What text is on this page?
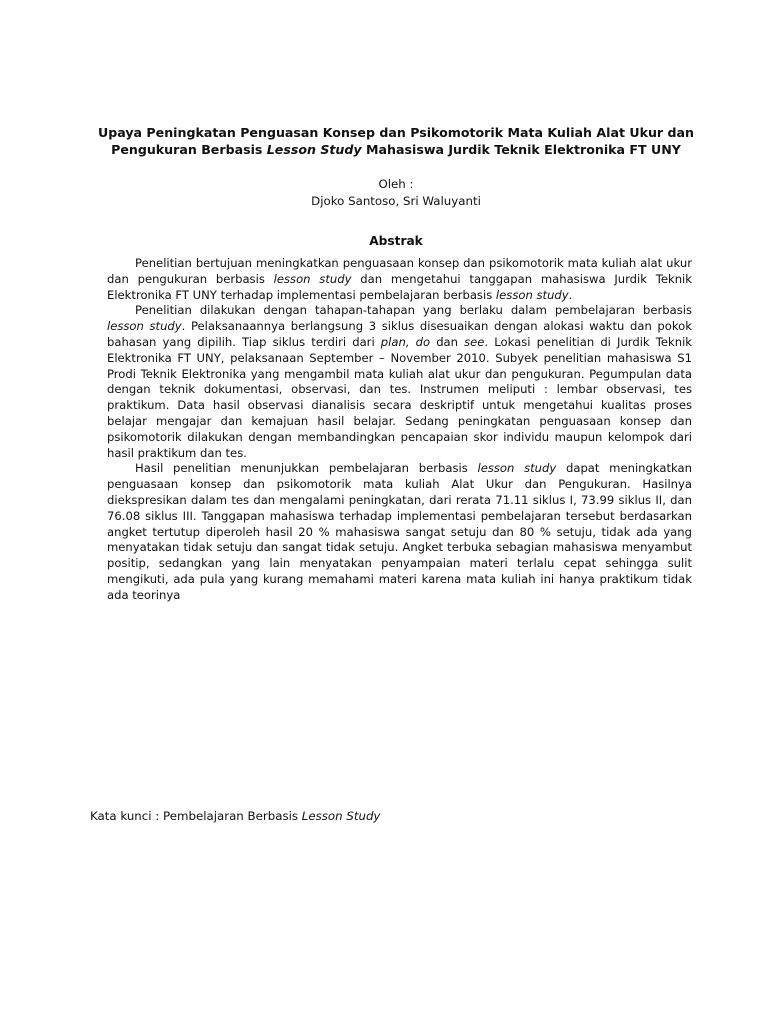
Upaya Peningkatan Penguasan Konsep dan Psikomotorik Mata Kuliah Alat Ukur dan
Pengukuran Berbasis Lesson Study Mahasiswa Jurdik Teknik Elektronika FT UNY
Oleh :
Djoko Santoso, Sri Waluyanti
Abstrak

Penelitian bertujuan meningkatkan penguasaan konsep dan psikomotorik mata kuliah alat ukur dan pengukuran berbasis lesson study dan mengetahui tanggapan mahasiswa Jurdik Teknik Elektronika FT UNY terhadap implementasi pembelajaran berbasis lesson study.

Penelitian dilakukan dengan tahapan-tahapan yang berlaku dalam pembelajaran berbasis lesson study. Pelaksanaannya berlangsung 3 siklus disesuaikan dengan alokasi waktu dan pokok bahasan yang dipilih. Tiap siklus terdiri dari plan, do dan see. Lokasi penelitian di Jurdik Teknik Elektronika FT UNY, pelaksanaan September – November 2010. Subyek penelitian mahasiswa S1 Prodi Teknik Elektronika yang mengambil mata kuliah alat ukur dan pengukuran. Pegumpulan data dengan teknik dokumentasi, observasi, dan tes. Instrumen meliputi : lembar observasi, tes praktikum. Data hasil observasi dianalisis secara deskriptif untuk mengetahui kualitas proses belajar mengajar dan kemajuan hasil belajar. Sedang peningkatan penguasaan konsep dan psikomotorik dilakukan dengan membandingkan pencapaian skor individu maupun kelompok dari hasil praktikum dan tes.

Hasil penelitian menunjukkan pembelajaran berbasis lesson study dapat meningkatkan penguasaan konsep dan psikomotorik mata kuliah Alat Ukur dan Pengukuran. Hasilnya diekspresikan dalam tes dan mengalami peningkatan, dari rerata 71.11 siklus I, 73.99 siklus II, dan 76.08 siklus III. Tanggapan mahasiswa terhadap implementasi pembelajaran tersebut berdasarkan angket tertutup diperoleh hasil 20 % mahasiswa sangat setuju dan 80 % setuju, tidak ada yang menyatakan tidak setuju dan sangat tidak setuju. Angket terbuka sebagian mahasiswa menyambut positip, sedangkan yang lain menyatakan penyampaian materi terlalu cepat sehingga sulit mengikuti, ada pula yang kurang memahami materi karena mata kuliah ini hanya praktikum tidak ada teorinya

Kata kunci : Pembelajaran Berbasis Lesson Study
